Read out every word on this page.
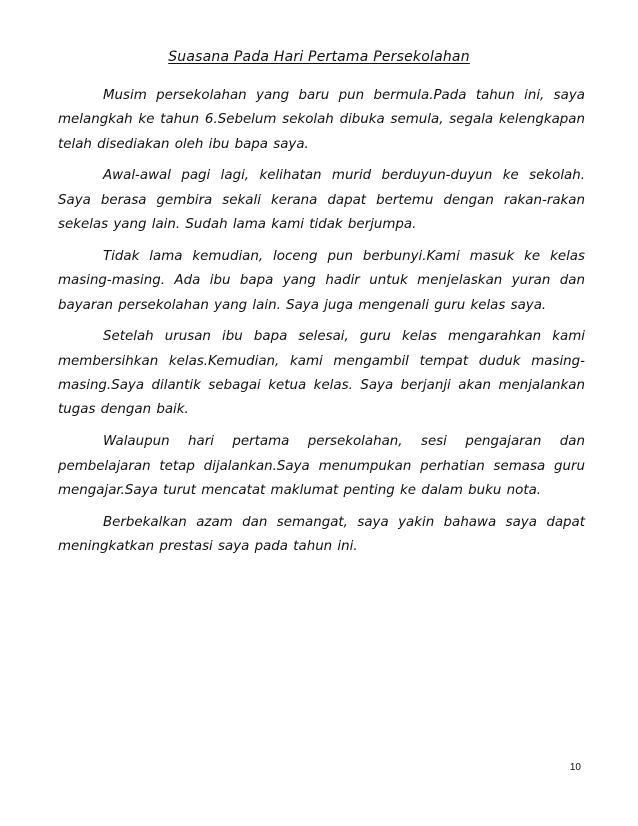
Suasana Pada Hari Pertama Persekolahan

Musim persekolahan yang baru pun bermula.Pada tahun ini, saya melangkah ke tahun 6.Sebelum sekolah dibuka semula, segala kelengkapan telah disediakan oleh ibu bapa saya.

Awal-awal pagi lagi, kelihatan murid berduyun-duyun ke sekolah. Saya berasa gembira sekali kerana dapat bertemu dengan rakan-rakan sekelas yang lain. Sudah lama kami tidak berjumpa.

Tidak lama kemudian, loceng pun berbunyi.Kami masuk ke kelas masing-masing. Ada ibu bapa yang hadir untuk menjelaskan yuran dan bayaran persekolahan yang lain. Saya juga mengenali guru kelas saya.

Setelah urusan ibu bapa selesai, guru kelas mengarahkan kami membersihkan kelas.Kemudian, kami mengambil tempat duduk masing-masing.Saya dilantik sebagai ketua kelas. Saya berjanji akan menjalankan tugas dengan baik.

Walaupun hari pertama persekolahan, sesi pengajaran dan pembelajaran tetap dijalankan.Saya menumpukan perhatian semasa guru mengajar.Saya turut mencatat maklumat penting ke dalam buku nota.

Berbekalkan azam dan semangat, saya yakin bahawa saya dapat meningkatkan prestasi saya pada tahun ini.

10
